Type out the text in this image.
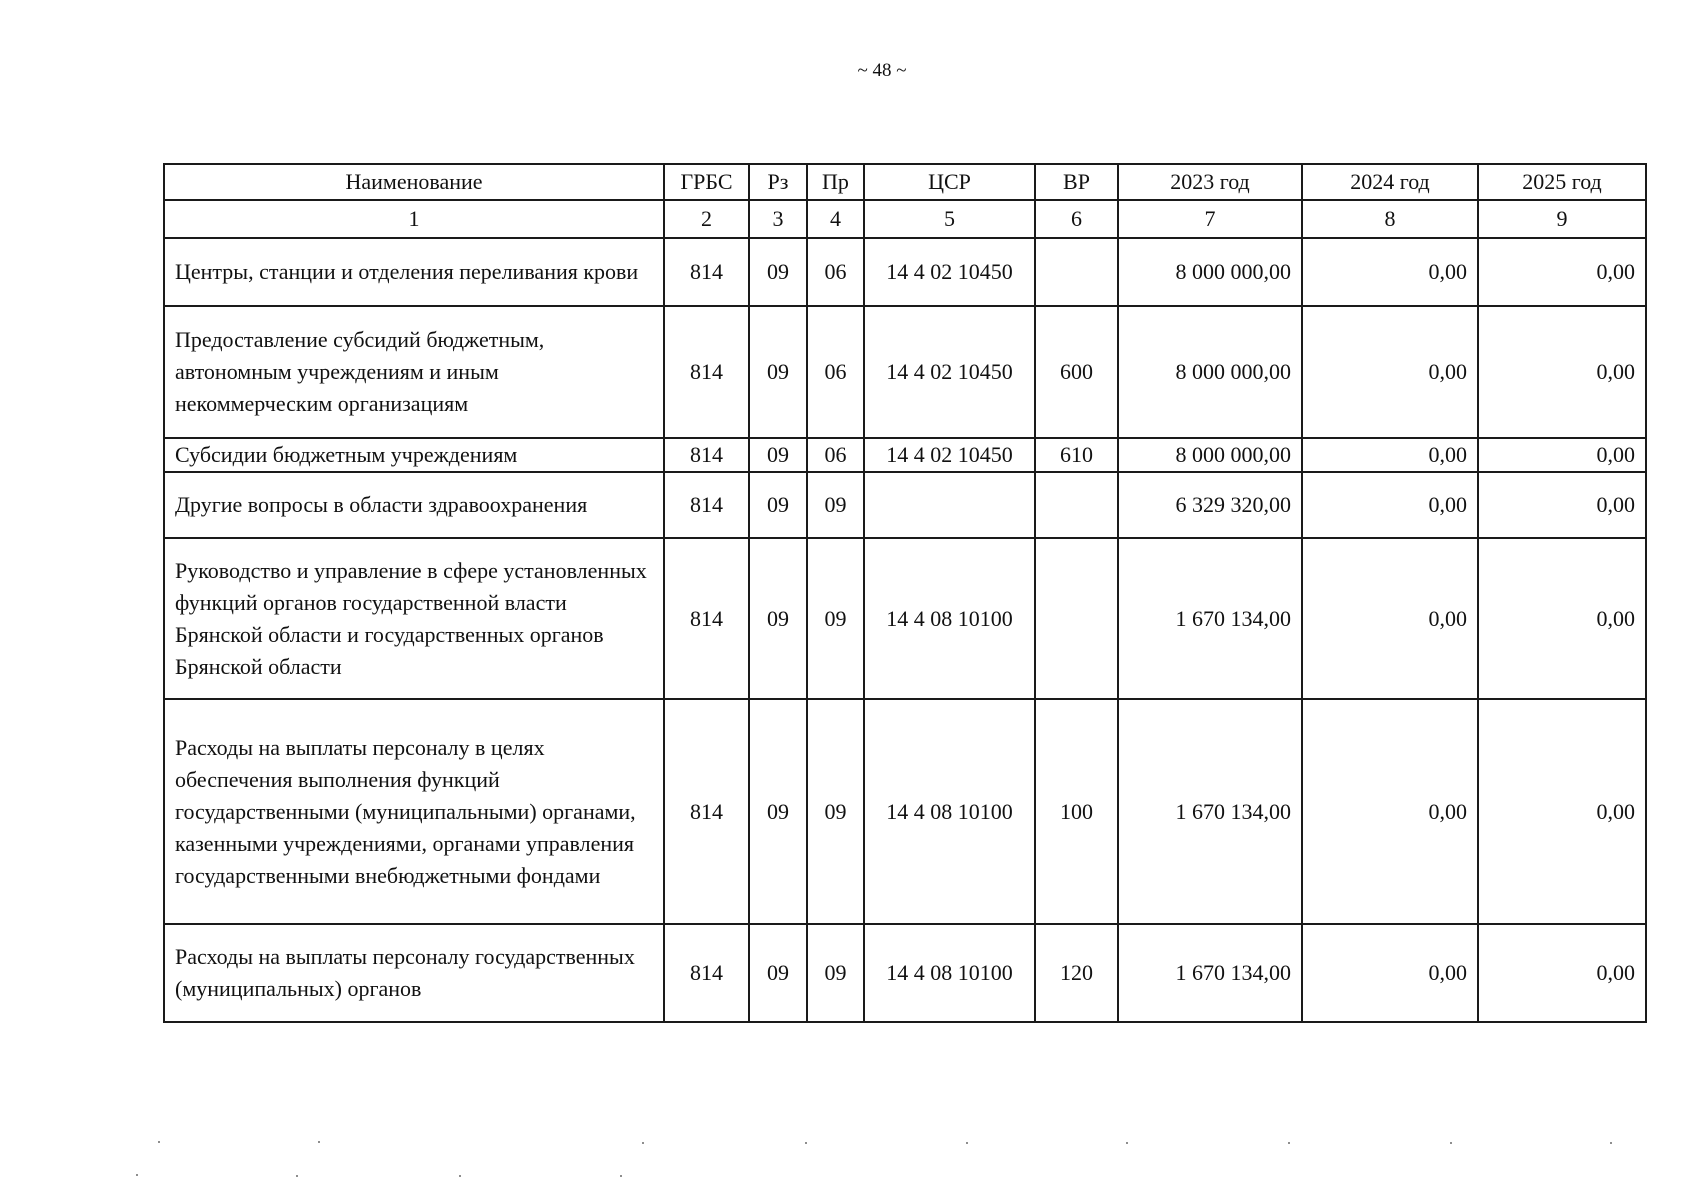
~ 48 ~
Наименование	ГРБС	Рз	Пр	ЦСР	ВР	2023 год	2024 год	2025 год
1	2	3	4	5	6	7	8	9
Центры, станции и отделения переливания крови	814	09	06	14 4 02 10450		8 000 000,00	0,00	0,00
Предоставление субсидий бюджетным, автономным учреждениям и иным некоммерческим организациям	814	09	06	14 4 02 10450	600	8 000 000,00	0,00	0,00
Субсидии бюджетным учреждениям	814	09	06	14 4 02 10450	610	8 000 000,00	0,00	0,00
Другие вопросы в области здравоохранения	814	09	09			6 329 320,00	0,00	0,00
Руководство и управление в сфере установленных функций органов государственной власти Брянской области и государственных органов Брянской области	814	09	09	14 4 08 10100		1 670 134,00	0,00	0,00
Расходы на выплаты персоналу в целях обеспечения выполнения функций государственными (муниципальными) органами, казенными учреждениями, органами управления государственными внебюджетными фондами	814	09	09	14 4 08 10100	100	1 670 134,00	0,00	0,00
Расходы на выплаты персоналу государственных (муниципальных) органов	814	09	09	14 4 08 10100	120	1 670 134,00	0,00	0,00
